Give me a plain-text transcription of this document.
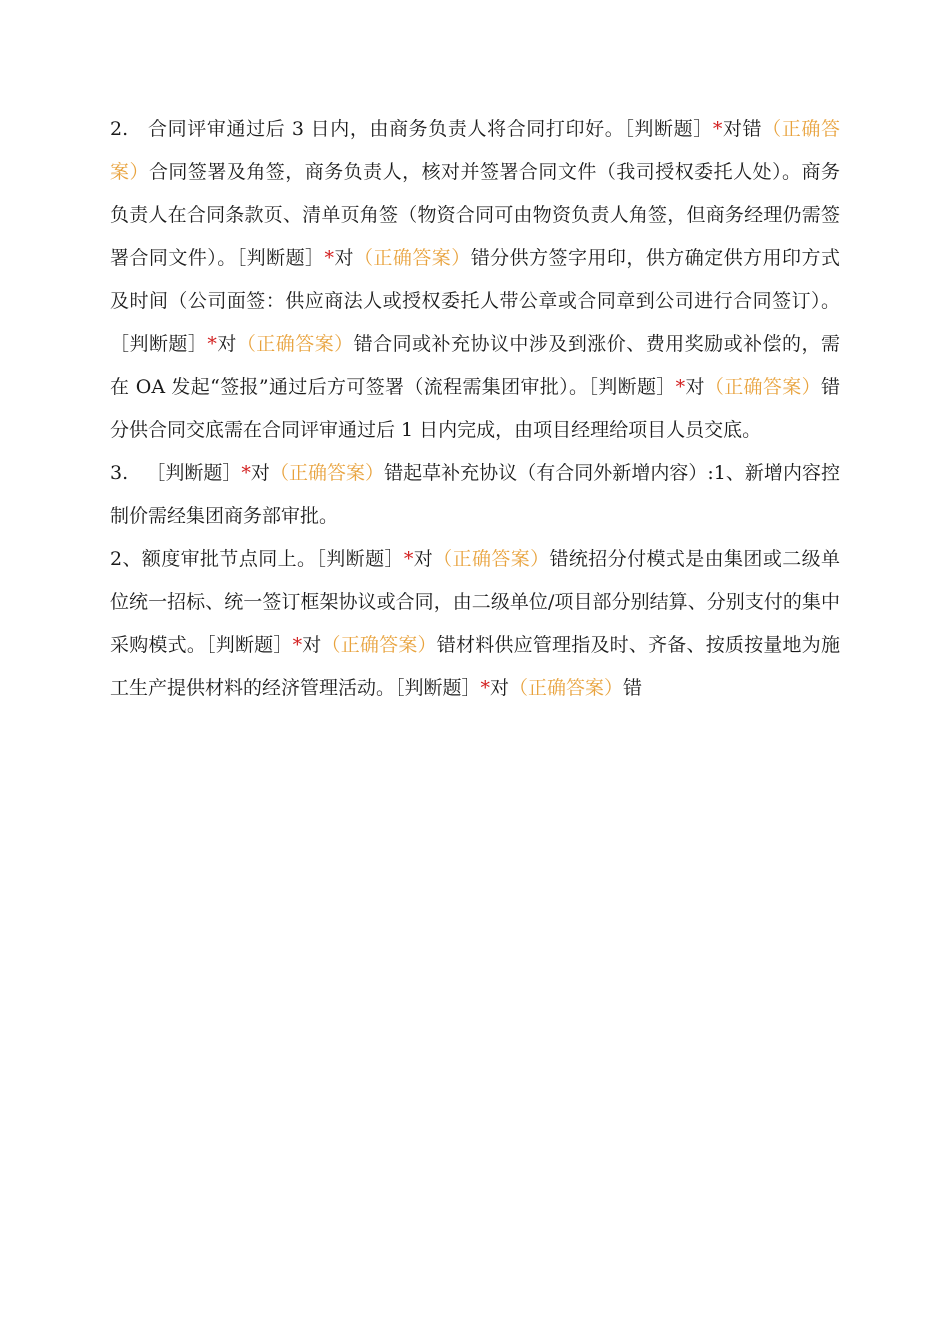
2.   合同评审通过后 3 日内，由商务负责人将合同打印好。［判断题］*对错（正确答案）合同签署及角签，商务负责人，核对并签署合同文件（我司授权委托人处）。商务负责人在合同条款页、清单页角签（物资合同可由物资负责人角签，但商务经理仍需签署合同文件）。［判断题］*对（正确答案）错分供方签字用印，供方确定供方用印方式及时间（公司面签：供应商法人或授权委托人带公章或合同章到公司进行合同签订）。［判断题］*对（正确答案）错合同或补充协议中涉及到涨价、费用奖励或补偿的，需在 OA 发起“签报”通过后方可签署（流程需集团审批）。［判断题］*对（正确答案）错分供合同交底需在合同评审通过后 1 日内完成，由项目经理给项目人员交底。

3.   ［判断题］*对（正确答案）错起草补充协议（有合同外新增内容）:1、新增内容控制价需经集团商务部审批。

2、额度审批节点同上。［判断题］*对（正确答案）错统招分付模式是由集团或二级单位统一招标、统一签订框架协议或合同，由二级单位/项目部分别结算、分别支付的集中采购模式。［判断题］*对（正确答案）错材料供应管理指及时、齐备、按质按量地为施工生产提供材料的经济管理活动。［判断题］*对（正确答案）错
